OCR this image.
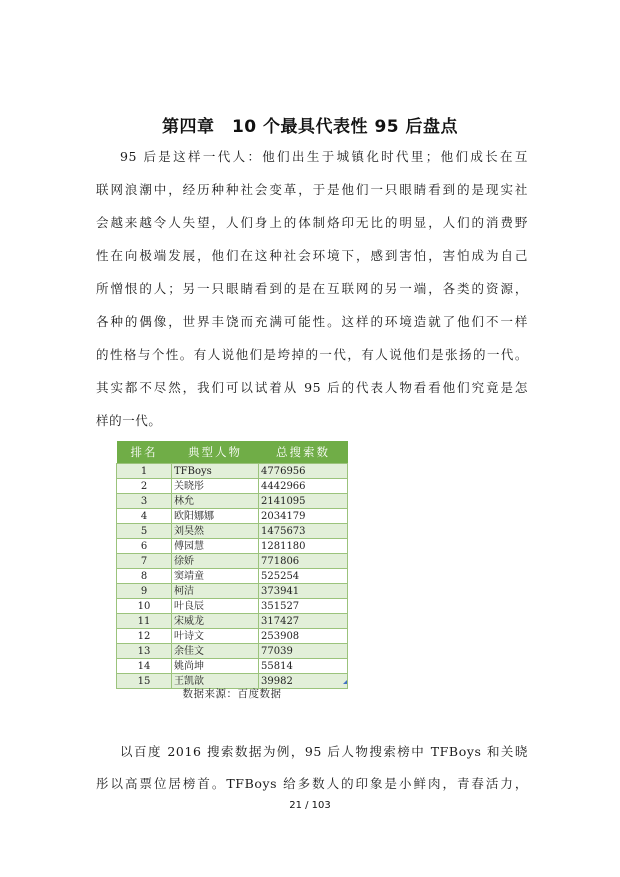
第四章　10 个最具代表性 95 后盘点
95 后是这样一代人：他们出生于城镇化时代里；他们成长在互
联网浪潮中，经历种种社会变革，于是他们一只眼睛看到的是现实社
会越来越令人失望，人们身上的体制烙印无比的明显，人们的消费野
性在向极端发展，他们在这种社会环境下，感到害怕，害怕成为自己
所憎恨的人；另一只眼睛看到的是在互联网的另一端，各类的资源，
各种的偶像，世界丰饶而充满可能性。这样的环境造就了他们不一样
的性格与个性。有人说他们是垮掉的一代，有人说他们是张扬的一代。
其实都不尽然，我们可以试着从 95 后的代表人物看看他们究竟是怎
样的一代。
排名	典型人物	总搜索数
1	TFBoys	4776956
2	关晓彤	4442966
3	林允	2141095
4	欧阳娜娜	2034179
5	刘昊然	1475673
6	傅园慧	1281180
7	徐娇	771806
8	窦靖童	525254
9	柯洁	373941
10	叶良辰	351527
11	宋威龙	317427
12	叶诗文	253908
13	余佳文	77039
14	姚尚坤	55814
15	王凯歆	39982
数据来源：百度数据
以百度 2016 搜索数据为例，95 后人物搜索榜中 TFBoys 和关晓
彤以高票位居榜首。TFBoys 给多数人的印象是小鲜肉，青春活力，
21 / 103
